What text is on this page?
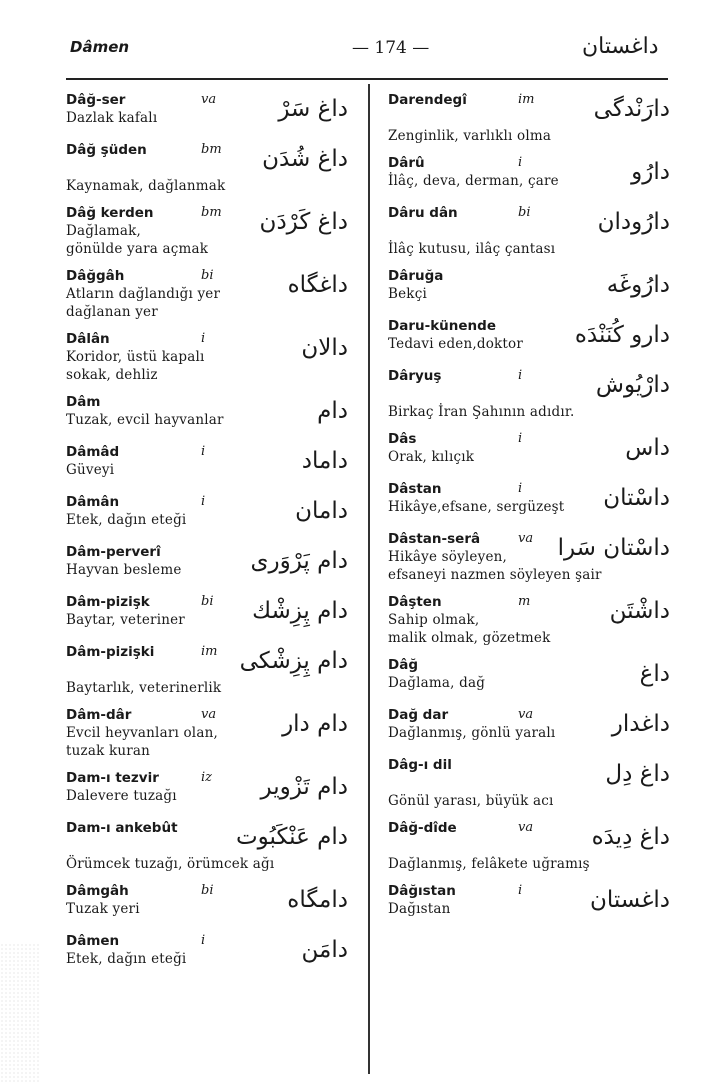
Dâmen	— 174 —	داغستان
Dâğ-ser	va
Dazlak kafalı	داغ سَرْ
Dâğ şüden	bm

Kaynamak, dağlanmak
داغ شُدَن
Dâğ kerden	bm
Dağlamak,
gönülde yara açmak
داغ كَرْدَن
Dâğgâh	bi
Atların dağlandığı yer
dağlanan yer
داغگاه
Dâlân	i
Koridor, üstü kapalı
sokak, dehliz
دالان
Dâm
Tuzak, evcil hayvanlar	دام
Dâmâd	i
Güveyi	داماد
Dâmân	i
Etek, dağın eteği	دامان
Dâm-perverî
Hayvan besleme	دام پَرْوَرى
Dâm-pizişk	bi
Baytar, veteriner	دام پِزِشْك
Dâm-pizişki	im

Baytarlık, veterinerlik
دام پِزِشْكى
Dâm-dâr	va
Evcil heyvanları olan,
tuzak kuran
دام دار
Dam-ı tezvir	iz
Dalevere tuzağı	دام تَزْوير
Dam-ı ankebût

Örümcek tuzağı, örümcek ağı
دام عَنْكَبُوت
Dâmgâh	bi
Tuzak yeri	دامگاه
Dâmen	i
Etek, dağın eteği	دامَن
Darendegî	im

Zenginlik, varlıklı olma
دارَنْدگى
Dârû	i
İlâç, deva, derman, çare	دارُو
Dâru dân	bi

İlâç kutusu, ilâç çantası
دارُودان
Dâruğa
Bekçi	دارُوغَه
Daru-künende
Tedavi eden,doktor	دارو كُنَنْدَه
Dâryuş	i

Birkaç İran Şahının adıdır.
دارْيُوش
Dâs	i
Orak, kılıçık	داس
Dâstan	i
Hikâye,efsane, sergüzeşt	داسْتان
Dâstan-serâ	va
Hikâye söyleyen,
efsaneyi nazmen söyleyen şair
داسْتان سَرا
Dâşten	m
Sahip olmak,
malik olmak, gözetmek
داشْتَن
Dâğ
Dağlama, dağ	داغ
Dağ dar	va
Dağlanmış, gönlü yaralı	داغدار
Dâg-ı dil

Gönül yarası, büyük acı
داغ دِل
Dâğ-dîde	va

Dağlanmış, felâkete uğramış
داغ دِيدَه
Dâğıstan	i
Dağıstan	داغستان
